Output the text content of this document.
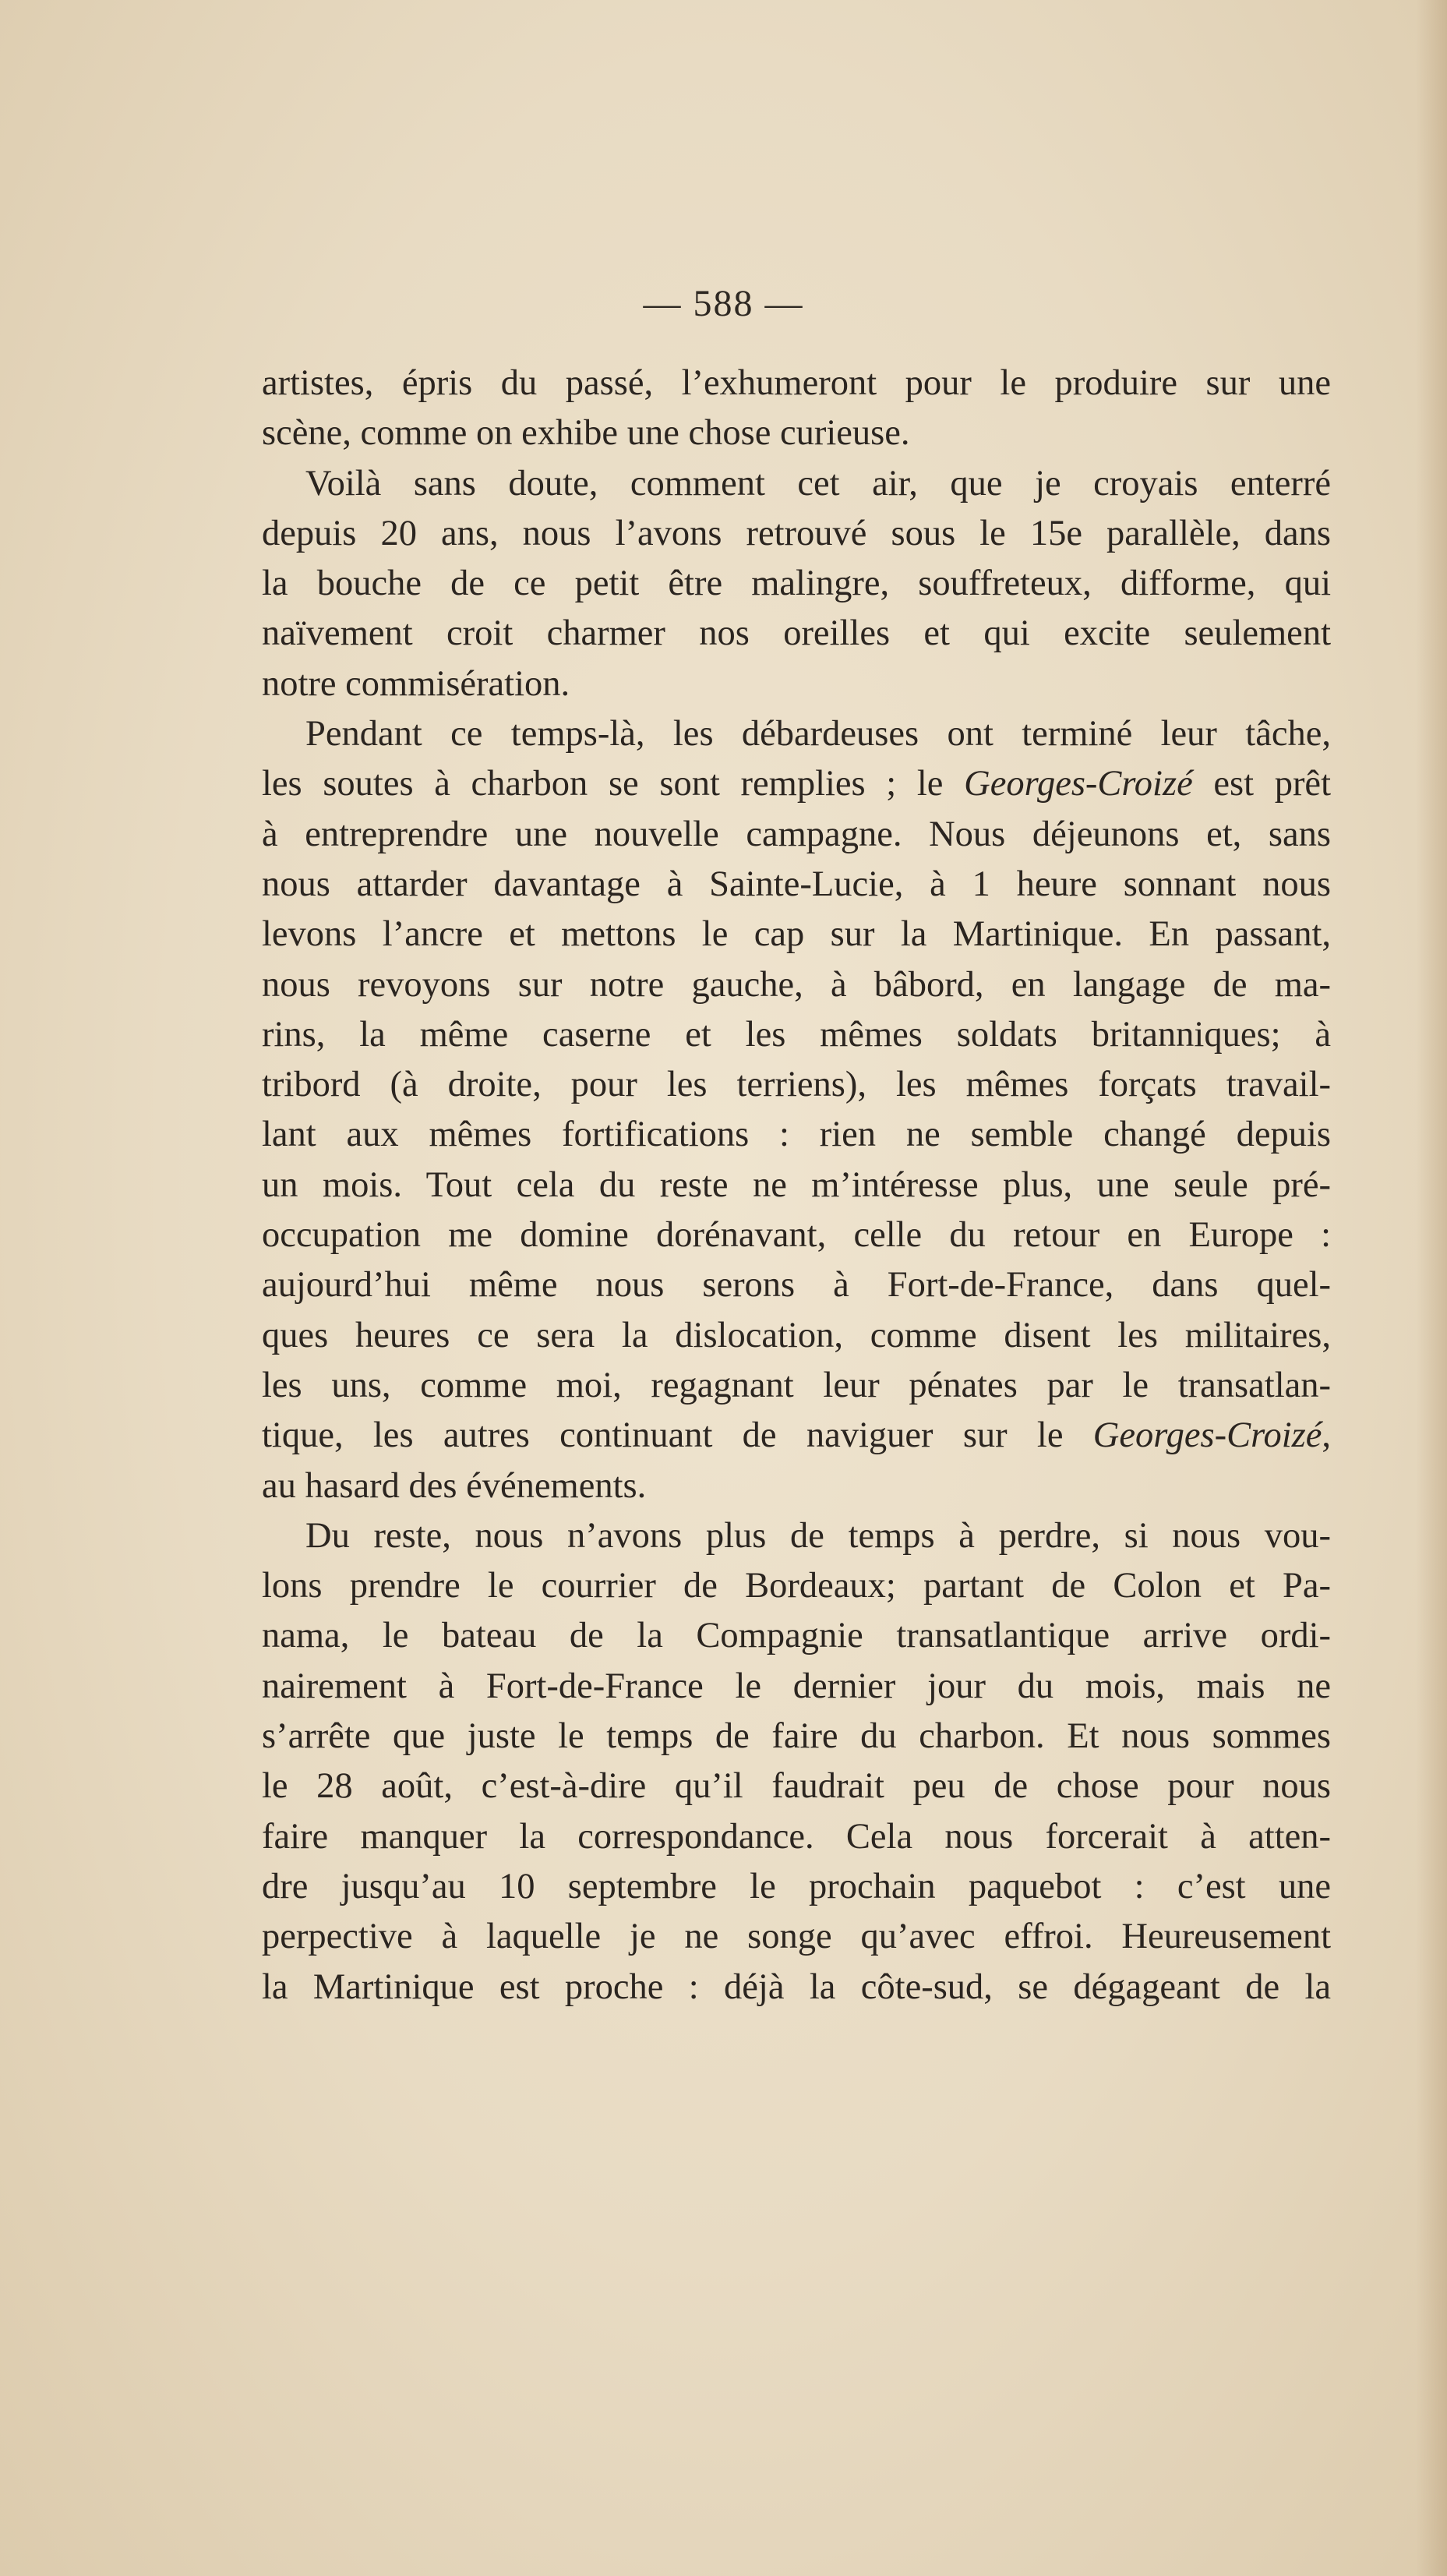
— 588 —
artistes, épris du passé, l’exhumeront pour le produire sur une
scène, comme on exhibe une chose curieuse.
Voilà sans doute, comment cet air, que je croyais enterré
depuis 20 ans, nous l’avons retrouvé sous le 15e parallèle, dans
la bouche de ce petit être malingre, souffreteux, difforme, qui
naïvement croit charmer nos oreilles et qui excite seulement
notre commisération.
Pendant ce temps-là, les débardeuses ont terminé leur tâche,
les soutes à charbon se sont remplies ; le Georges-Croizé est prêt
à entreprendre une nouvelle campagne. Nous déjeunons et, sans
nous attarder davantage à Sainte-Lucie, à 1 heure sonnant nous
levons l’ancre et mettons le cap sur la Martinique. En passant,
nous revoyons sur notre gauche, à bâbord, en langage de ma-
rins, la même caserne et les mêmes soldats britanniques; à
tribord (à droite, pour les terriens), les mêmes forçats travail-
lant aux mêmes fortifications : rien ne semble changé depuis
un mois. Tout cela du reste ne m’intéresse plus, une seule pré-
occupation me domine dorénavant, celle du retour en Europe :
aujourd’hui même nous serons à Fort-de-France, dans quel-
ques heures ce sera la dislocation, comme disent les militaires,
les uns, comme moi, regagnant leur pénates par le transatlan-
tique, les autres continuant de naviguer sur le Georges-Croizé,
au hasard des événements.
Du reste, nous n’avons plus de temps à perdre, si nous vou-
lons prendre le courrier de Bordeaux; partant de Colon et Pa-
nama, le bateau de la Compagnie transatlantique arrive ordi-
nairement à Fort-de-France le dernier jour du mois, mais ne
s’arrête que juste le temps de faire du charbon. Et nous sommes
le 28 août, c’est-à-dire qu’il faudrait peu de chose pour nous
faire manquer la correspondance. Cela nous forcerait à atten-
dre jusqu’au 10 septembre le prochain paquebot : c’est une
perpective à laquelle je ne songe qu’avec effroi. Heureusement
la Martinique est proche : déjà la côte-sud, se dégageant de la
